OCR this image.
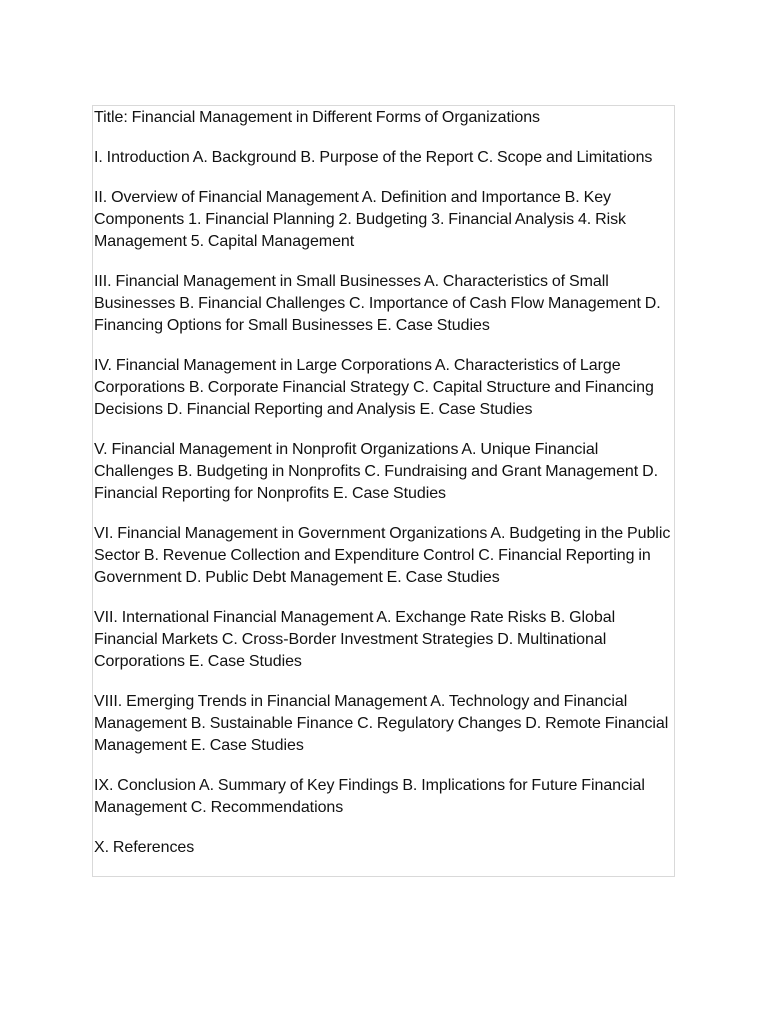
Title: Financial Management in Different Forms of Organizations

I. Introduction A. Background B. Purpose of the Report C. Scope and Limitations

II. Overview of Financial Management A. Definition and Importance B. Key Components 1. Financial Planning 2. Budgeting 3. Financial Analysis 4. Risk Management 5. Capital Management

III. Financial Management in Small Businesses A. Characteristics of Small Businesses B. Financial Challenges C. Importance of Cash Flow Management D. Financing Options for Small Businesses E. Case Studies

IV. Financial Management in Large Corporations A. Characteristics of Large Corporations B. Corporate Financial Strategy C. Capital Structure and Financing Decisions D. Financial Reporting and Analysis E. Case Studies

V. Financial Management in Nonprofit Organizations A. Unique Financial Challenges B. Budgeting in Nonprofits C. Fundraising and Grant Management D. Financial Reporting for Nonprofits E. Case Studies

VI. Financial Management in Government Organizations A. Budgeting in the Public Sector B. Revenue Collection and Expenditure Control C. Financial Reporting in Government D. Public Debt Management E. Case Studies

VII. International Financial Management A. Exchange Rate Risks B. Global Financial Markets C. Cross-Border Investment Strategies D. Multinational Corporations E. Case Studies

VIII. Emerging Trends in Financial Management A. Technology and Financial Management B. Sustainable Finance C. Regulatory Changes D. Remote Financial Management E. Case Studies

IX. Conclusion A. Summary of Key Findings B. Implications for Future Financial Management C. Recommendations

X. References
